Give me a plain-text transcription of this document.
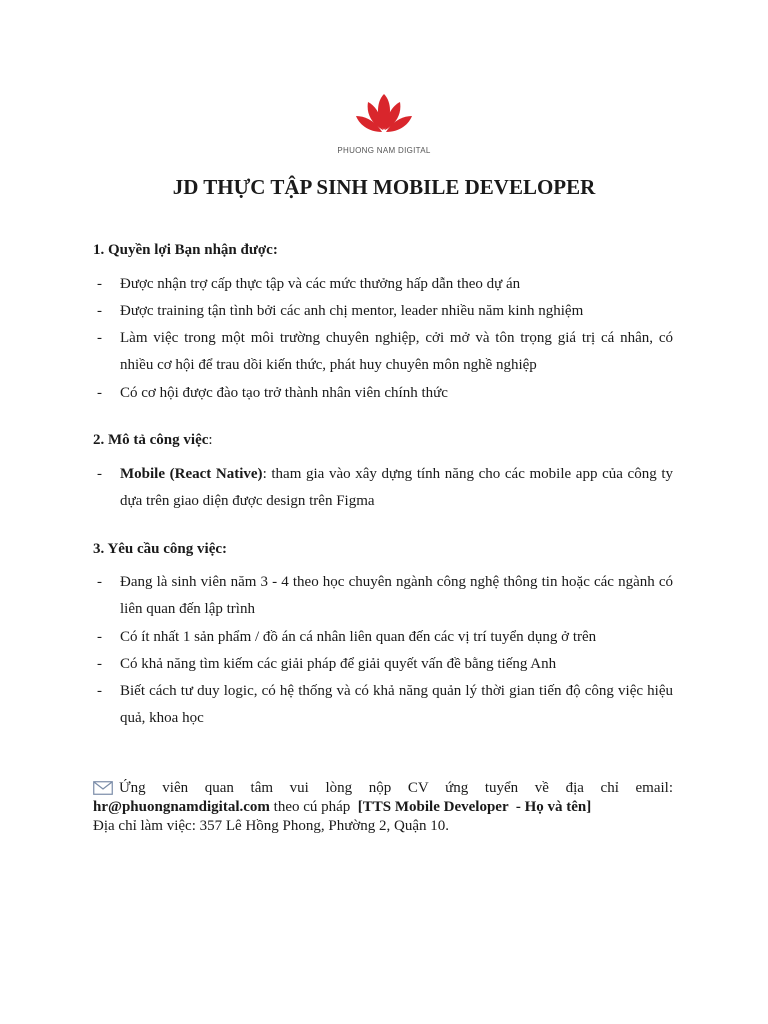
PHUONG NAM DIGITAL
JD THỰC TẬP SINH MOBILE DEVELOPER

1. Quyền lợi Bạn nhận được:

-	Được nhận trợ cấp thực tập và các mức thưởng hấp dẫn theo dự án

-	Được training tận tình bởi các anh chị mentor, leader nhiều năm kinh nghiệm

-	Làm việc trong một môi trường chuyên nghiệp, cởi mở và tôn trọng giá trị cá nhân, có nhiều cơ hội để trau dồi kiến thức, phát huy chuyên môn nghề nghiệp

-	Có cơ hội được đào tạo trở thành nhân viên chính thức

2. Mô tả công việc:

-	Mobile (React Native): tham gia vào xây dựng tính năng cho các mobile app của công ty dựa trên giao diện được design trên Figma

3. Yêu cầu công việc:

-	Đang là sinh viên năm 3 - 4 theo học chuyên ngành công nghệ thông tin hoặc các ngành có liên quan đến lập trình

-	Có ít nhất 1 sản phẩm / đồ án cá nhân liên quan đến các vị trí tuyển dụng ở trên

-	Có khả năng tìm kiếm các giải pháp để giải quyết vấn đề bằng tiếng Anh

-	Biết cách tư duy logic, có hệ thống và có khả năng quản lý thời gian tiến độ công việc hiệu quả, khoa học

Ứng viên quan tâm vui lòng nộp CV ứng tuyển về địa chỉ email:
hr@phuongnamdigital.com theo cú pháp  [TTS Mobile Developer  - Họ và tên]
Địa chỉ làm việc: 357 Lê Hồng Phong, Phường 2, Quận 10.
